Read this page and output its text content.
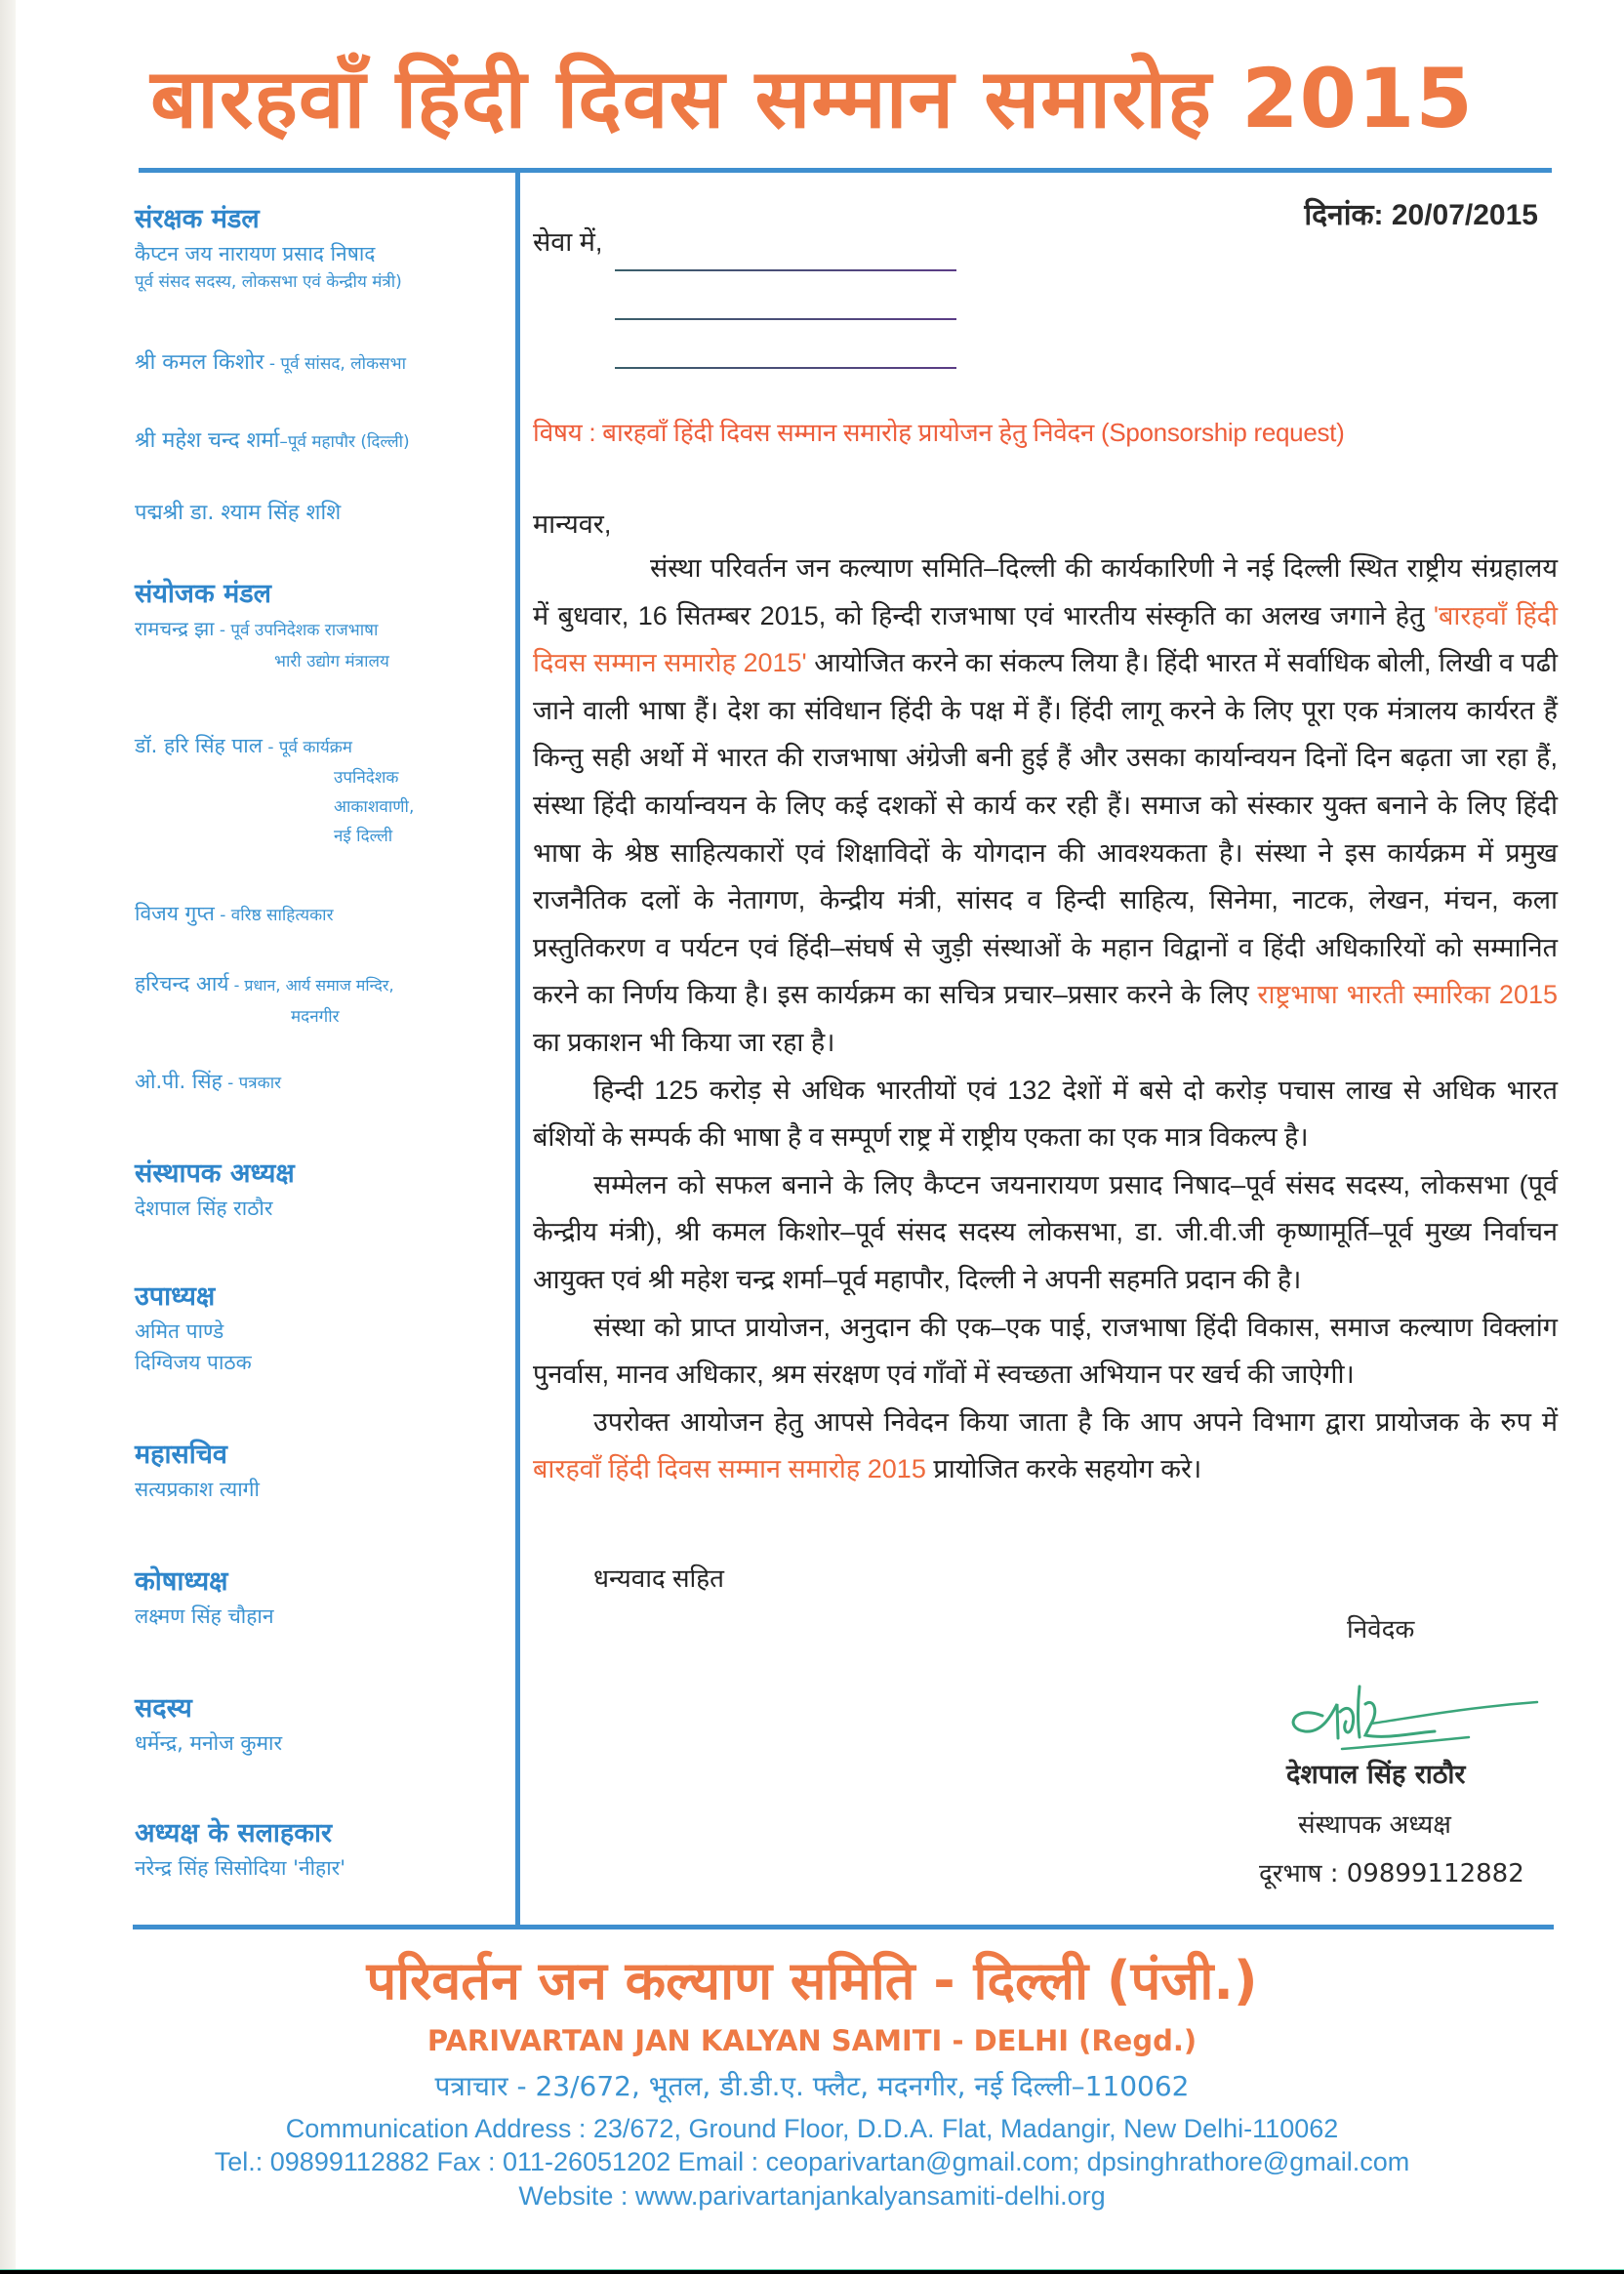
बारहवाँ हिंदी दिवस सम्मान समारोह 2015
संरक्षक मंडल
कैप्टन जय नारायण प्रसाद निषाद
पूर्व संसद सदस्य, लोकसभा एवं केन्द्रीय मंत्री)
श्री कमल किशोर - पूर्व सांसद, लोकसभा
श्री महेश चन्द शर्मा–पूर्व महापौर (दिल्ली)
पद्मश्री डा. श्याम सिंह शशि
संयोजक मंडल
रामचन्द्र झा - पूर्व उपनिदेशक राजभाषा
भारी उद्योग मंत्रालय
डॉ. हरि सिंह पाल - पूर्व कार्यक्रम
उपनिदेशक
आकाशवाणी,
नई दिल्ली
विजय गुप्त - वरिष्ठ साहित्यकार
हरिचन्द आर्य - प्रधान, आर्य समाज मन्दिर,
मदनगीर
ओ.पी. सिंह - पत्रकार
संस्थापक अध्यक्ष
देशपाल सिंह राठौर
उपाध्यक्ष
अमित पाण्डे
दिग्विजय पाठक
महासचिव
सत्यप्रकाश त्यागी
कोषाध्यक्ष
लक्ष्मण सिंह चौहान
सदस्य
धर्मेन्द्र, मनोज कुमार
अध्यक्ष के सलाहकार
नरेन्द्र सिंह सिसोदिया 'नीहार'
दिनांक: 20/07/2015
सेवा में,
विषय : बारहवाँ हिंदी दिवस सम्मान समारोह प्रायोजन हेतु निवेदन (Sponsorship request)
मान्यवर,

संस्था परिवर्तन जन कल्याण समिति–दिल्ली की कार्यकारिणी ने नई दिल्ली स्थित राष्ट्रीय संग्रहालय में बुधवार, 16 सितम्बर 2015, को हिन्दी राजभाषा एवं भारतीय संस्कृति का अलख जगाने हेतु 'बारहवाँ हिंदी दिवस सम्मान समारोह 2015' आयोजित करने का संकल्प लिया है। हिंदी भारत में सर्वाधिक बोली, लिखी व पढी जाने वाली भाषा हैं। देश का संविधान हिंदी के पक्ष में हैं। हिंदी लागू करने के लिए पूरा एक मंत्रालय कार्यरत हैं किन्तु सही अर्थो में भारत की राजभाषा अंग्रेजी बनी हुई हैं और उसका कार्यान्वयन दिनों दिन बढ़ता जा रहा हैं, संस्था हिंदी कार्यान्वयन के लिए कई दशकों से कार्य कर रही हैं। समाज को संस्कार युक्त बनाने के लिए हिंदी भाषा के श्रेष्ठ साहित्यकारों एवं शिक्षाविदों के योगदान की आवश्यकता है। संस्था ने इस कार्यक्रम में प्रमुख राजनैतिक दलों के नेतागण, केन्द्रीय मंत्री, सांसद व हिन्दी साहित्य, सिनेमा, नाटक, लेखन, मंचन, कला प्रस्तुतिकरण व पर्यटन एवं हिंदी–संघर्ष से जुड़ी संस्थाओं के महान विद्वानों व हिंदी अधिकारियों को सम्मानित करने का निर्णय किया है। इस कार्यक्रम का सचित्र प्रचार–प्रसार करने के लिए राष्ट्रभाषा भारती स्मारिका 2015 का प्रकाशन भी किया जा रहा है।

हिन्दी 125 करोड़ से अधिक भारतीयों एवं 132 देशों में बसे दो करोड़ पचास लाख से अधिक भारत बंशियों के सम्पर्क की भाषा है व सम्पूर्ण राष्ट्र में राष्ट्रीय एकता का एक मात्र विकल्प है।

सम्मेलन को सफल बनाने के लिए कैप्टन जयनारायण प्रसाद निषाद–पूर्व संसद सदस्य, लोकसभा (पूर्व केन्द्रीय मंत्री), श्री कमल किशोर–पूर्व संसद सदस्य लोकसभा, डा. जी.वी.जी कृष्णामूर्ति–पूर्व मुख्य निर्वाचन आयुक्त एवं श्री महेश चन्द्र शर्मा–पूर्व महापौर, दिल्ली ने अपनी सहमति प्रदान की है।

संस्था को प्राप्त प्रायोजन, अनुदान की एक–एक पाई, राजभाषा हिंदी विकास, समाज कल्याण विक्लांग पुनर्वास, मानव अधिकार, श्रम संरक्षण एवं गाँवों में स्वच्छता अभियान पर खर्च की जाऐगी।

उपरोक्त आयोजन हेतु आपसे निवेदन किया जाता है कि आप अपने विभाग द्वारा प्रायोजक के रुप में बारहवाँ हिंदी दिवस सम्मान समारोह 2015 प्रायोजित करके सहयोग करे।

धन्यवाद सहित
निवेदक
देशपाल सिंह राठौर
संस्थापक अध्यक्ष
दूरभाष : 09899112882
परिवर्तन जन कल्याण समिति - दिल्ली (पंजी.)
PARIVARTAN JAN KALYAN SAMITI - DELHI (Regd.)
पत्राचार - 23/672, भूतल, डी.डी.ए. फ्लैट, मदनगीर, नई दिल्ली–110062
Communication Address : 23/672, Ground Floor, D.D.A. Flat, Madangir, New Delhi-110062
Tel.: 09899112882 Fax : 011-26051202 Email : ceoparivartan@gmail.com; dpsinghrathore@gmail.com
Website : www.parivartanjankalyansamiti-delhi.org
